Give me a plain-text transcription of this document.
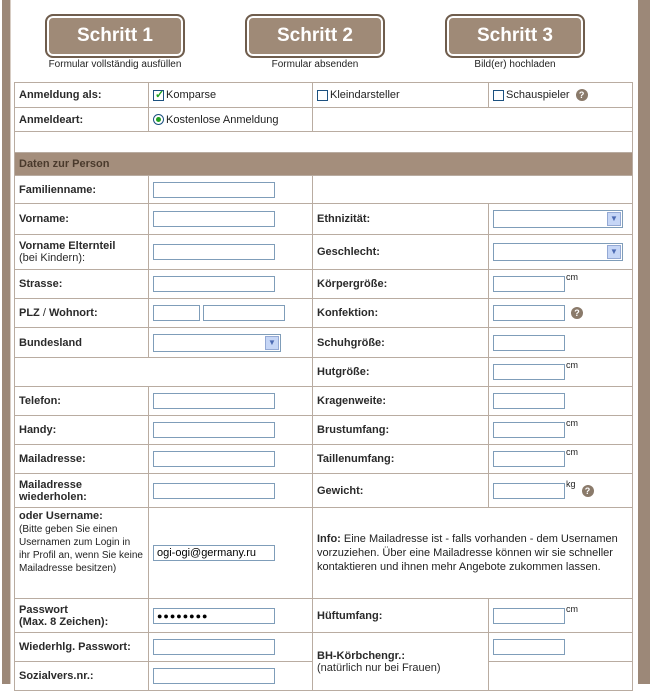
Schritt 1
Formular vollständig ausfüllen
Schritt 2
Formular absenden
Schritt 3
Bild(er) hochladen
Anmeldung als:	✓ Komparse	Kleindarsteller	Schauspieler ?
Anmeldeart:	Kostenlose Anmeldung		

Daten zur Person			
Familienname:			
Vorname:		Ethnizität:	▼

Vorname Elternteil
(bei Kindern):		Geschlecht:	▼

Strasse:		Körpergröße:	$^{cm}$
PLZ / Wohnort:		Konfektion:	?
Bundesland	▼	Schuhgröße:	
		Hutgröße:	$^{cm}$
Telefon:		Kragenweite:	
Handy:		Brustumfang:	$^{cm}$
Mailadresse:		Taillenumfang:	$^{cm}$
Mailadresse
wiederholen:		Gewicht:	$^{kg}$?
oder Username:
(Bitte geben Sie einen Usernamen zum Login in ihr Profil an, wenn Sie keine Mailadresse besitzen)	ogi-ogi@germany.ru	Info: Eine Mailadresse ist - falls vorhanden - dem Usernamen vorzuziehen. Über eine Mailadresse können wir sie schneller kontaktieren und ihnen mehr Angebote zukommen lassen.	
Passwort
(Max. 8 Zeichen):	●●●●●●●●	Hüftumfang:	$^{cm}$
Wiederhlg. Passwort:		BH-Körbchengr.:
(natürlich nur bei Frauen)	
Sozialvers.nr.:			
